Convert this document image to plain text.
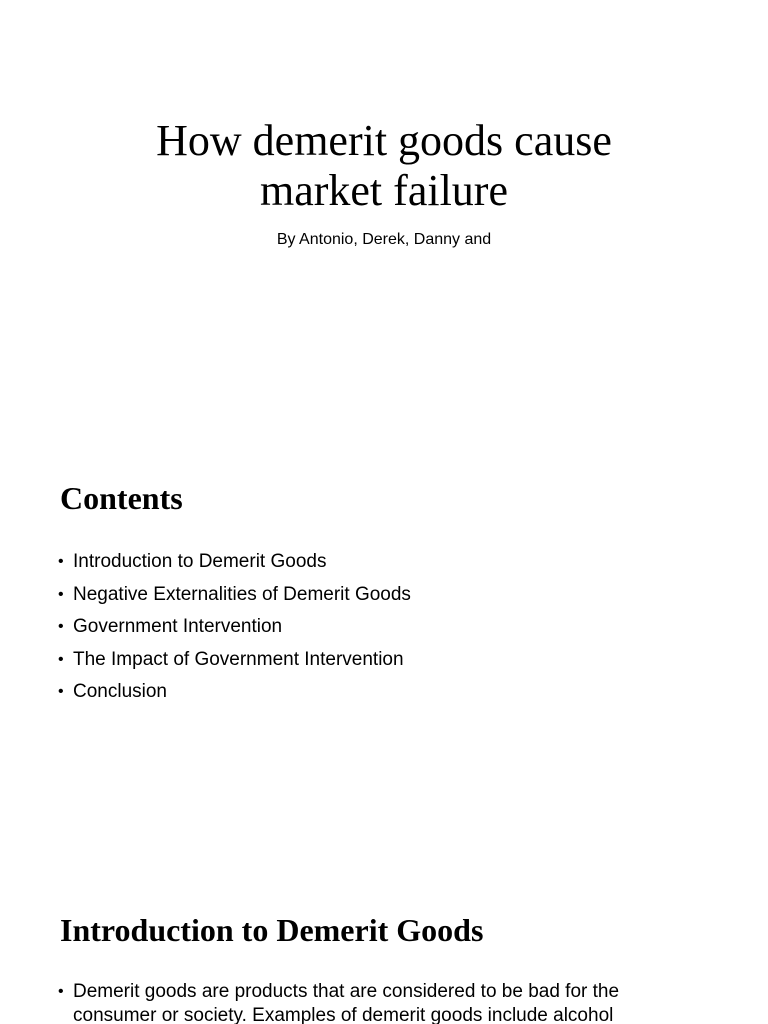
How demerit goods cause
market failure

By Antonio, Derek, Danny and

Contents
• Introduction to Demerit Goods
• Negative Externalities of Demerit Goods
• Government Intervention
• The Impact of Government Intervention
• Conclusion
Introduction to Demerit Goods
• Demerit goods are products that are considered to be bad for the consumer or society. Examples of demerit goods include alcohol
